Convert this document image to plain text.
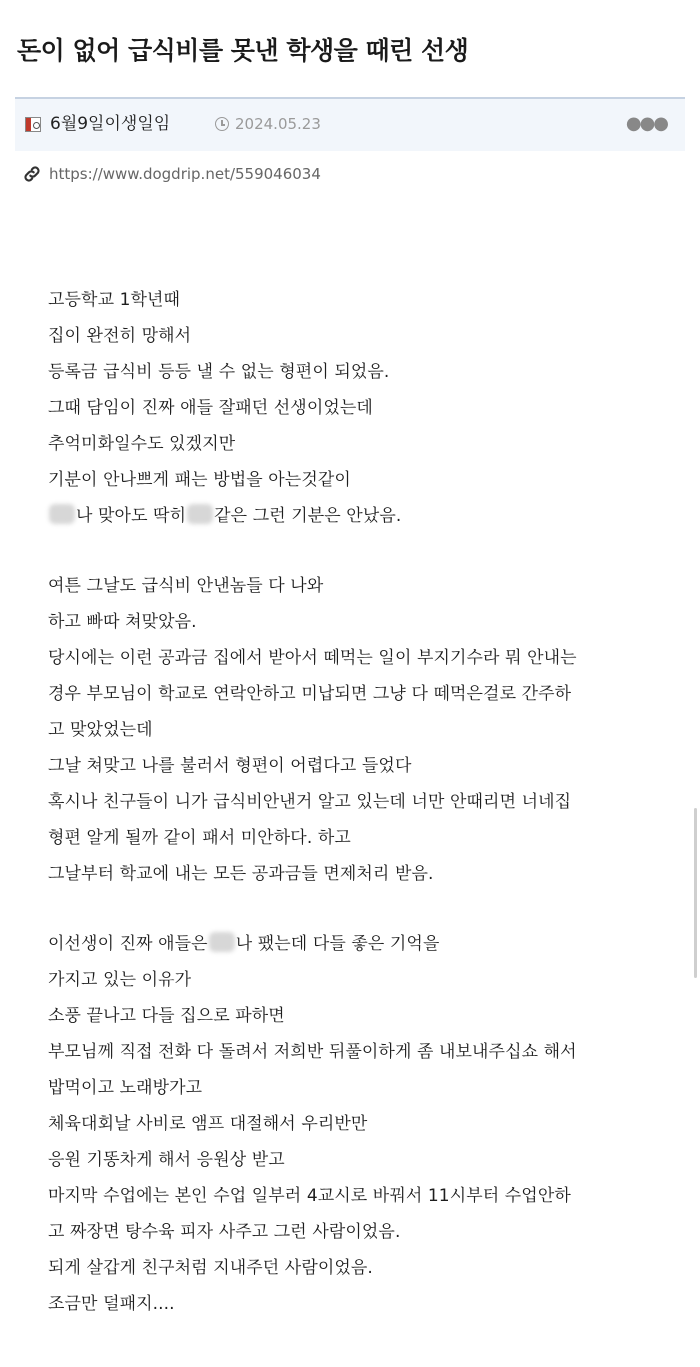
돈이 없어 급식비를 못낸 학생을 때린 선생
6월9일이생일임	2024.05.23	●●●
https://www.dogdrip.net/559046034
고등학교 1학년때
집이 완전히 망해서
등록금 급식비 등등 낼 수 없는 형편이 되었음.
그때 담임이 진짜 애들 잘패던 선생이었는데
추억미화일수도 있겠지만
기분이 안나쁘게 패는 방법을 아는것같이
나 맞아도 딱히 같은 그런 기분은 안났음.
여튼 그날도 급식비 안낸놈들 다 나와
하고 빠따 쳐맞았음.
당시에는 이런 공과금 집에서 받아서 떼먹는 일이 부지기수라 뭐 안내는
경우 부모님이 학교로 연락안하고 미납되면 그냥 다 떼먹은걸로 간주하
고 맞았었는데
그날 쳐맞고 나를 불러서 형편이 어렵다고 들었다
혹시나 친구들이 니가 급식비안낸거 알고 있는데 너만 안때리면 너네집
형편 알게 될까 같이 패서 미안하다. 하고
그날부터 학교에 내는 모든 공과금들 면제처리 받음.
이선생이 진짜 애들은 나 팼는데 다들 좋은 기억을
가지고 있는 이유가
소풍 끝나고 다들 집으로 파하면
부모님께 직접 전화 다 돌려서 저희반 뒤풀이하게 좀 내보내주십쇼 해서
밥먹이고 노래방가고
체육대회날 사비로 앰프 대절해서 우리반만
응원 기똥차게 해서 응원상 받고
마지막 수업에는 본인 수업 일부러 4교시로 바꿔서 11시부터 수업안하
고 짜장면 탕수육 피자 사주고 그런 사람이었음.
되게 살갑게 친구처럼 지내주던 사람이었음.
조금만 덜패지....
